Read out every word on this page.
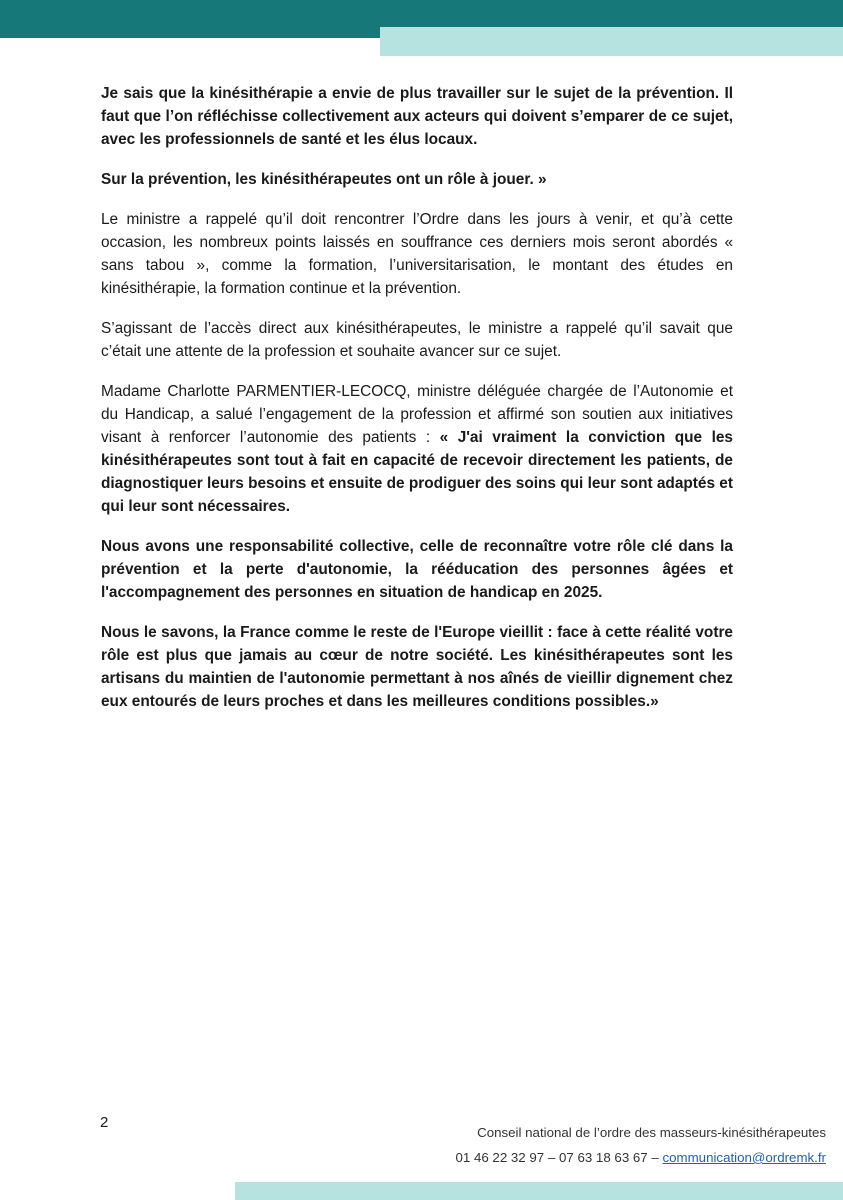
Je sais que la kinésithérapie a envie de plus travailler sur le sujet de la prévention. Il faut que l’on réfléchisse collectivement aux acteurs qui doivent s’emparer de ce sujet, avec les professionnels de santé et les élus locaux.

Sur la prévention, les kinésithérapeutes ont un rôle à jouer. »

Le ministre a rappelé qu’il doit rencontrer l’Ordre dans les jours à venir, et qu’à cette occasion, les nombreux points laissés en souffrance ces derniers mois seront abordés « sans tabou », comme la formation, l’universitarisation, le montant des études en kinésithérapie, la formation continue et la prévention.

S’agissant de l’accès direct aux kinésithérapeutes, le ministre a rappelé qu’il savait que c’était une attente de la profession et souhaite avancer sur ce sujet.

Madame Charlotte PARMENTIER-LECOCQ, ministre déléguée chargée de l’Autonomie et du Handicap, a salué l’engagement de la profession et affirmé son soutien aux initiatives visant à renforcer l’autonomie des patients : « J'ai vraiment la conviction que les kinésithérapeutes sont tout à fait en capacité de recevoir directement les patients, de diagnostiquer leurs besoins et ensuite de prodiguer des soins qui leur sont adaptés et qui leur sont nécessaires.

Nous avons une responsabilité collective, celle de reconnaître votre rôle clé dans la prévention et la perte d'autonomie, la rééducation des personnes âgées et l'accompagnement des personnes en situation de handicap en 2025.

Nous le savons, la France comme le reste de l'Europe vieillit : face à cette réalité votre rôle est plus que jamais au cœur de notre société. Les kinésithérapeutes sont les artisans du maintien de l'autonomie permettant à nos aînés de vieillir dignement chez eux entourés de leurs proches et dans les meilleures conditions possibles.»

2
Conseil national de l’ordre des masseurs-kinésithérapeutes
01 46 22 32 97 – 07 63 18 63 67 – communication@ordremk.fr
